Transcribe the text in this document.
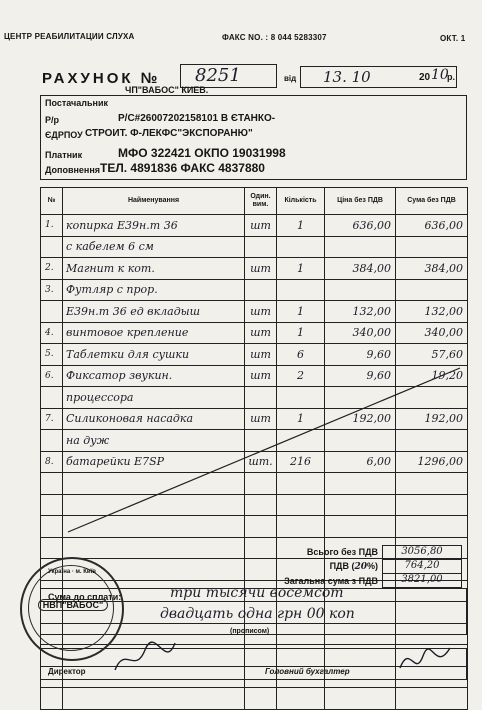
ЦЕНТР РЕАБИЛИТАЦИИ СЛУХА	ФАКС NO. : 8 044 5283307	ОКТ. 1
РАХУНОК № 8251	від 13. 10	20 10
р.
ЧП"ВАБОС" КИЕВ.
Постачальник
Р/р	Р/С#26007202158101 В ЄТАНКО-
ЄДРПОУ СТРОИТ. Ф-ЛЕКФС"ЭКСПОРАНЮ"
Платник	МФО 322421 ОКПО 19031998
Доповнення ТЕЛ. 4891836 ФАКС 4837880
№	Найменування	Один. вим.	Кількість	Ціна без ПДВ	Сума без ПДВ
1.	копирка Е39н.т 36	шт	1	636,00	636,00
	с кабелем 6 см				
2.	Магнит к кот.	шт	1	384,00	384,00
3.	Футляр с прор.				
	Е39н.т 36 ед вкладыш	шт	1	132,00	132,00
4.	винтовое крепление	шт	1	340,00	340,00
5.	Таблетки для сушки	шт	6	9,60	57,60
6.	Фиксатор звукин.	шт	2	9,60	19,20
	процессора				
7.	Силиконовая насадка	шт	1	192,00	192,00
	на дуж				
8.	батарейки Е7SP	шт.	216	6,00	1296,00

Всього без ПДВ	3056,80
ПДВ (20%)	764,20
Загальна сума з ПДВ	3821,00
Сума до сплати:	три тысячи восемсот
двадцать одна грн 00 коп
(прописом)
Директор	Головний бухгалтер
Україна · м. Київ
НВП"ВАБОС"
